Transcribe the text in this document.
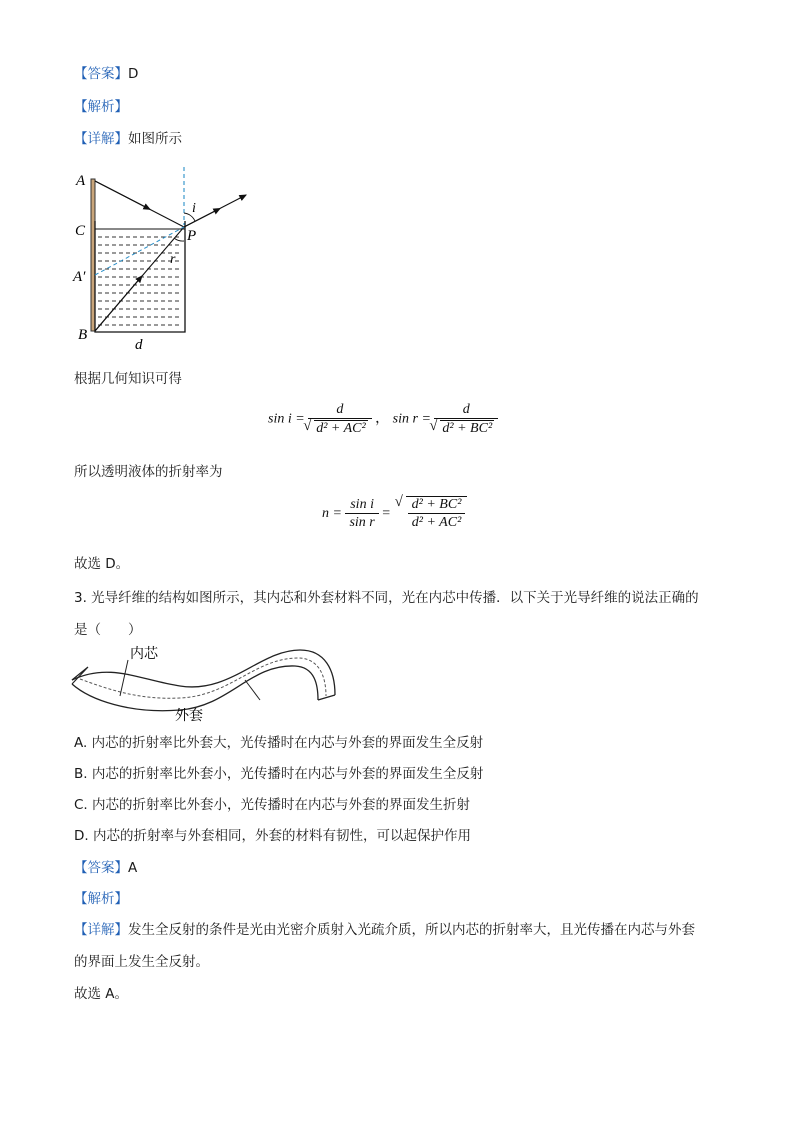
【答案】D
【解析】
【详解】如图所示
A
C
A′
B
P
i
r
d
根据几何知识可得
sin i = d
√ d² + AC² ， sin r = d
√ d² + BC²
所以透明液体的折射率为
$n = \frac{\text{sin i}}{\text{sin r}}$ =
√ $\frac{\text{d² + BC²}}{\text{d² + AC²}}$
故选 D。
3. 光导纤维的结构如图所示，其内芯和外套材料不同，光在内芯中传播．以下关于光导纤维的说法正确的
是（　　）
内芯
外套
A. 内芯的折射率比外套大，光传播时在内芯与外套的界面发生全反射
B. 内芯的折射率比外套小，光传播时在内芯与外套的界面发生全反射
C. 内芯的折射率比外套小，光传播时在内芯与外套的界面发生折射
D. 内芯的折射率与外套相同，外套的材料有韧性，可以起保护作用
【答案】A
【解析】
【详解】发生全反射的条件是光由光密介质射入光疏介质，所以内芯的折射率大，且光传播在内芯与外套
的界面上发生全反射。
故选 A。
